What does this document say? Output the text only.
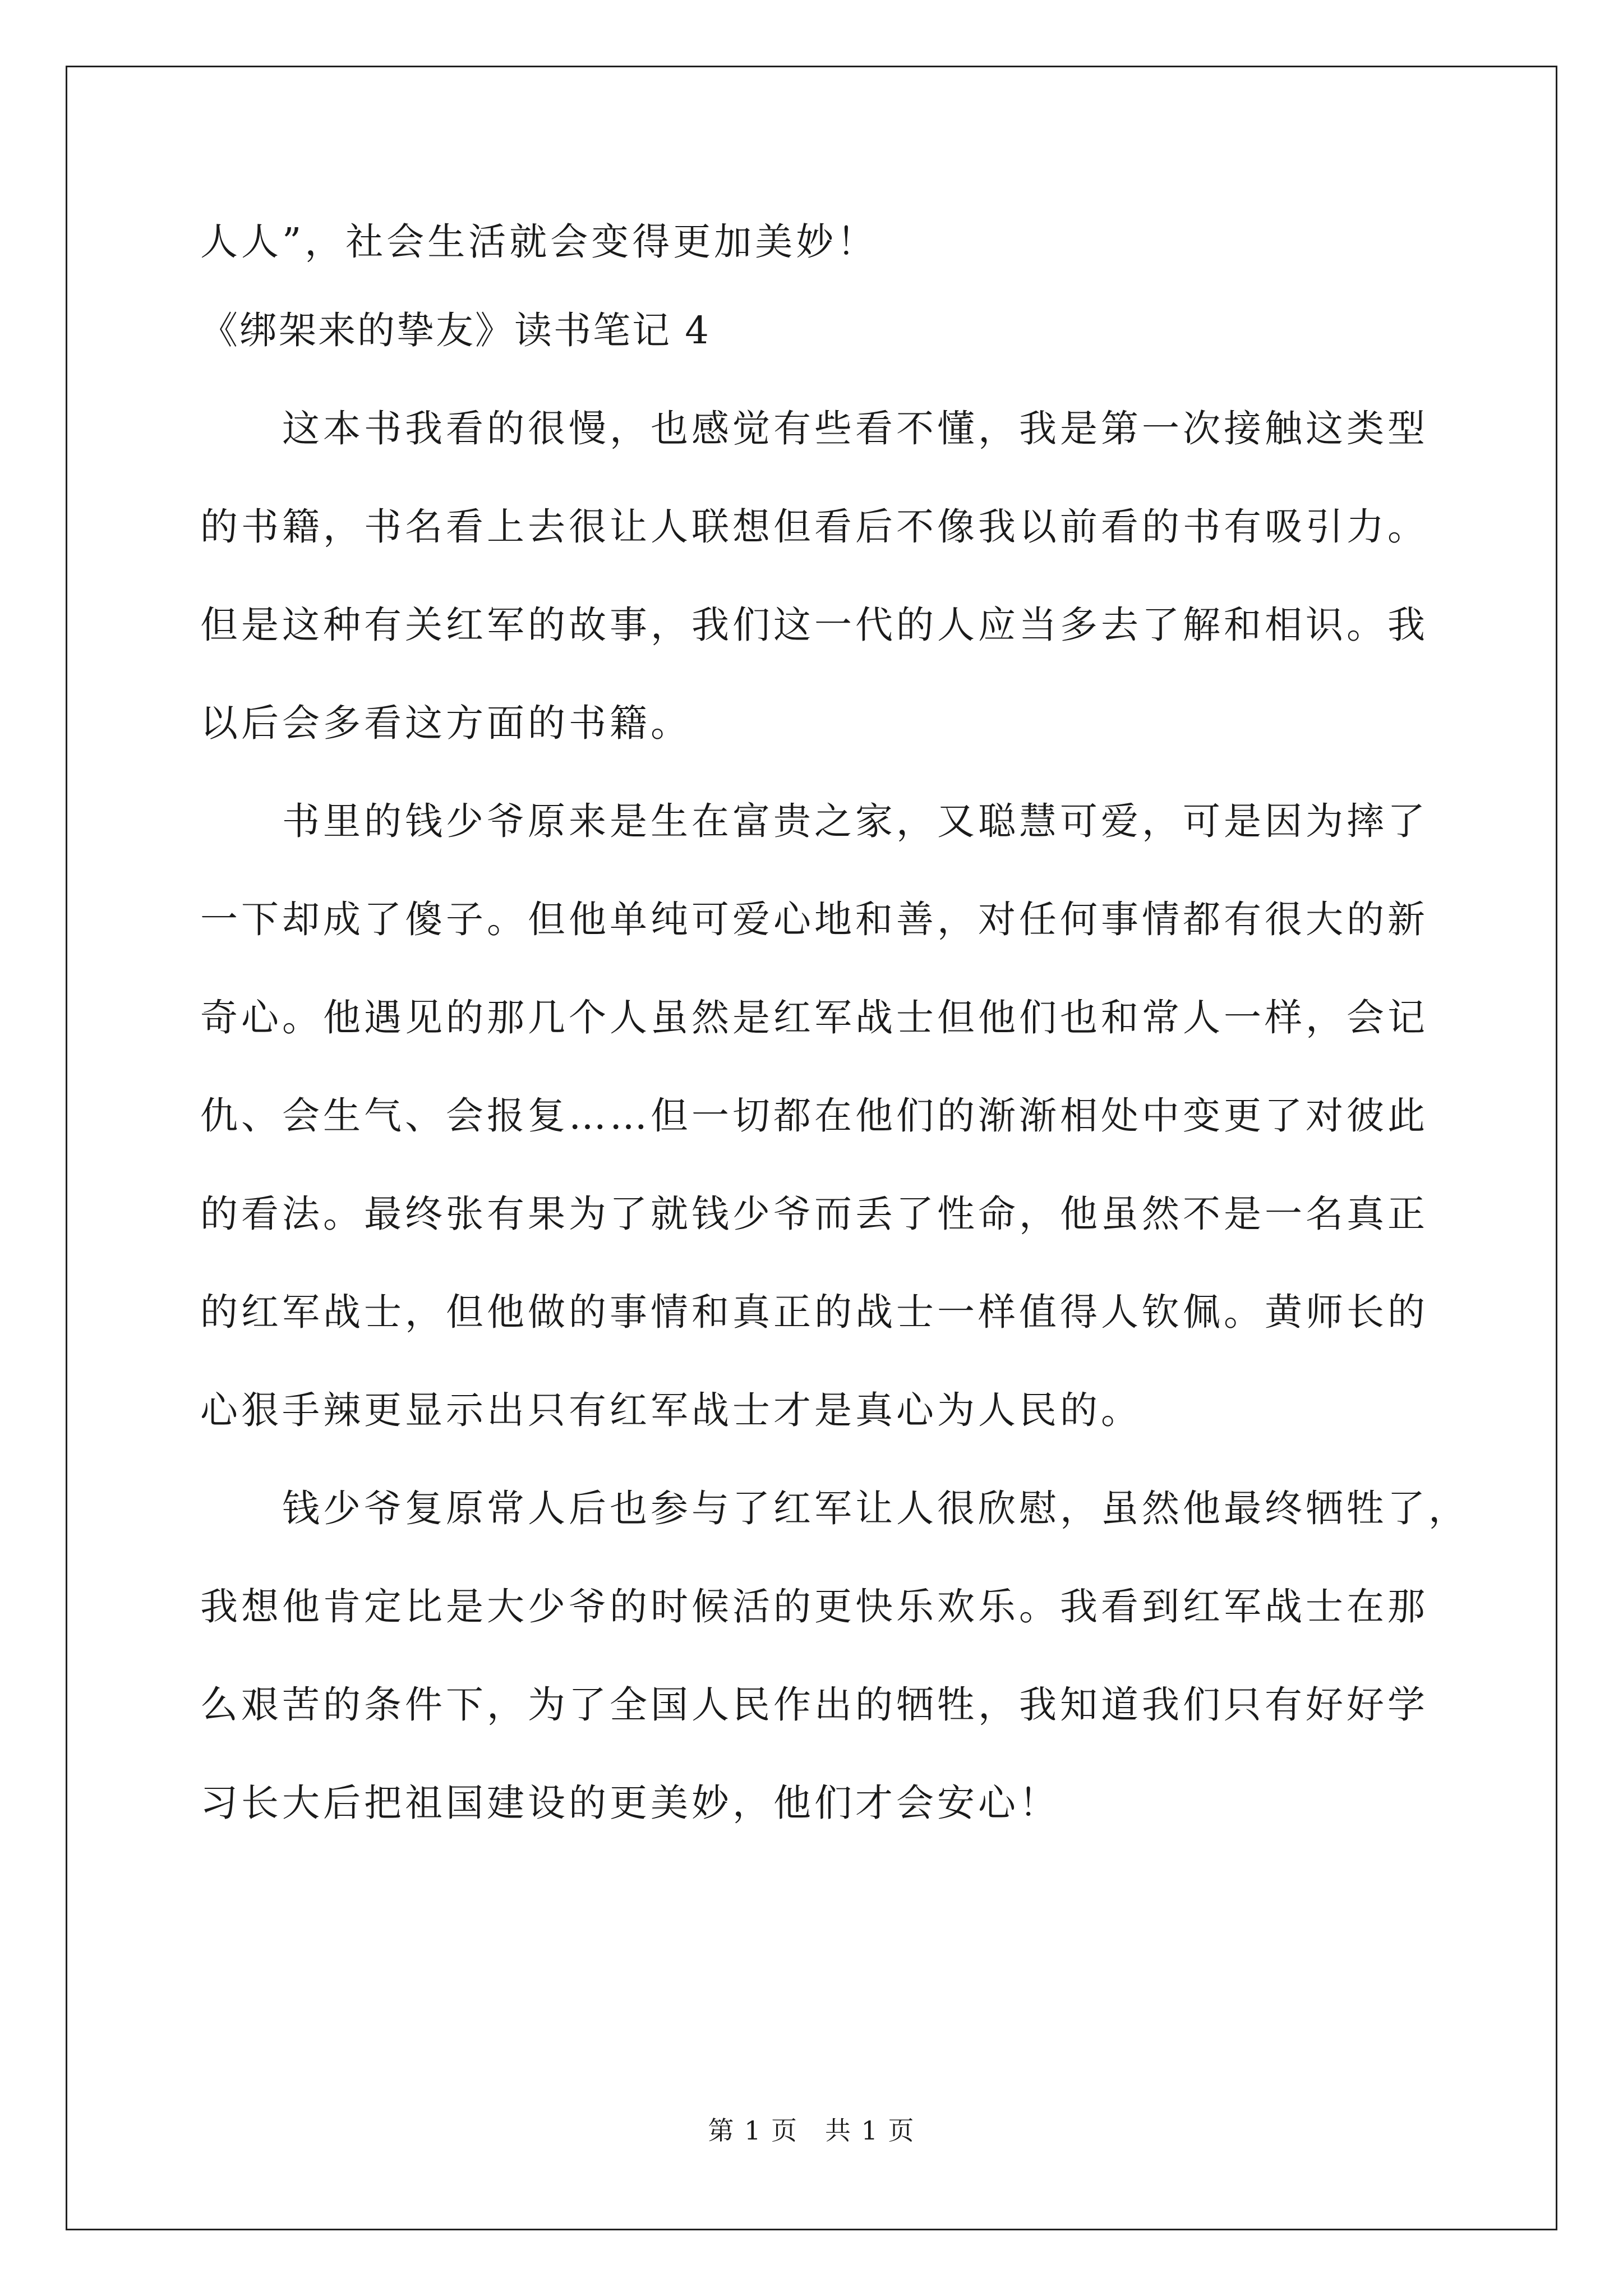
人人”，社会生活就会变得更加美妙！
《绑架来的挚友》读书笔记 4
　　这本书我看的很慢，也感觉有些看不懂，我是第一次接触这类型
的书籍，书名看上去很让人联想但看后不像我以前看的书有吸引力。
但是这种有关红军的故事，我们这一代的人应当多去了解和相识。我
以后会多看这方面的书籍。
　　书里的钱少爷原来是生在富贵之家，又聪慧可爱，可是因为摔了
一下却成了傻子。但他单纯可爱心地和善，对任何事情都有很大的新
奇心。他遇见的那几个人虽然是红军战士但他们也和常人一样，会记
仇、会生气、会报复……但一切都在他们的渐渐相处中变更了对彼此
的看法。最终张有果为了就钱少爷而丢了性命，他虽然不是一名真正
的红军战士，但他做的事情和真正的战士一样值得人钦佩。黄师长的
心狠手辣更显示出只有红军战士才是真心为人民的。
　　钱少爷复原常人后也参与了红军让人很欣慰，虽然他最终牺牲了，
我想他肯定比是大少爷的时候活的更快乐欢乐。我看到红军战士在那
么艰苦的条件下，为了全国人民作出的牺牲，我知道我们只有好好学
习长大后把祖国建设的更美妙，他们才会安心！
第 1 页　共 1 页
